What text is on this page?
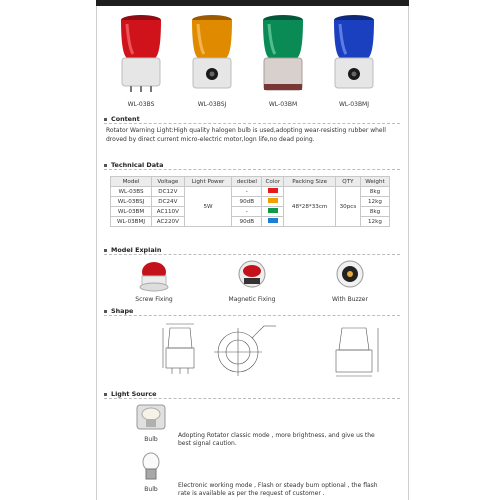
WL-03BS	WL-03BSJ	WL-03BM	WL-03BMJ
Content
Rotator Warning Light:High quality halogen bulb is used,adopting wear-resisting rubber whell droved by direct current micro-electric motor,logn life,no dead poing.
Technical Data
Model	Voltage	Light Power	decibel	Color	Packing Size	QTY	Weight
WL-03BS	DC12V	5W	-		48*28*33cm	30pcs	8kg
WL-03BSJ	DC24V		90dB				12kg
WL-03BM	AC110V		-				8kg
WL-03BMJ	AC220V		90dB				12kg
Model Explain
Screw Fixing	Magnetic Fixing	With Buzzer
Shape
Light Source
Bulb
Adopting Rotator classic mode , more brightness, and give us the best signal caution.
Bulb
Electronic working mode , Flash or steady burn optional , the flash rate is available as per the request of customer .
